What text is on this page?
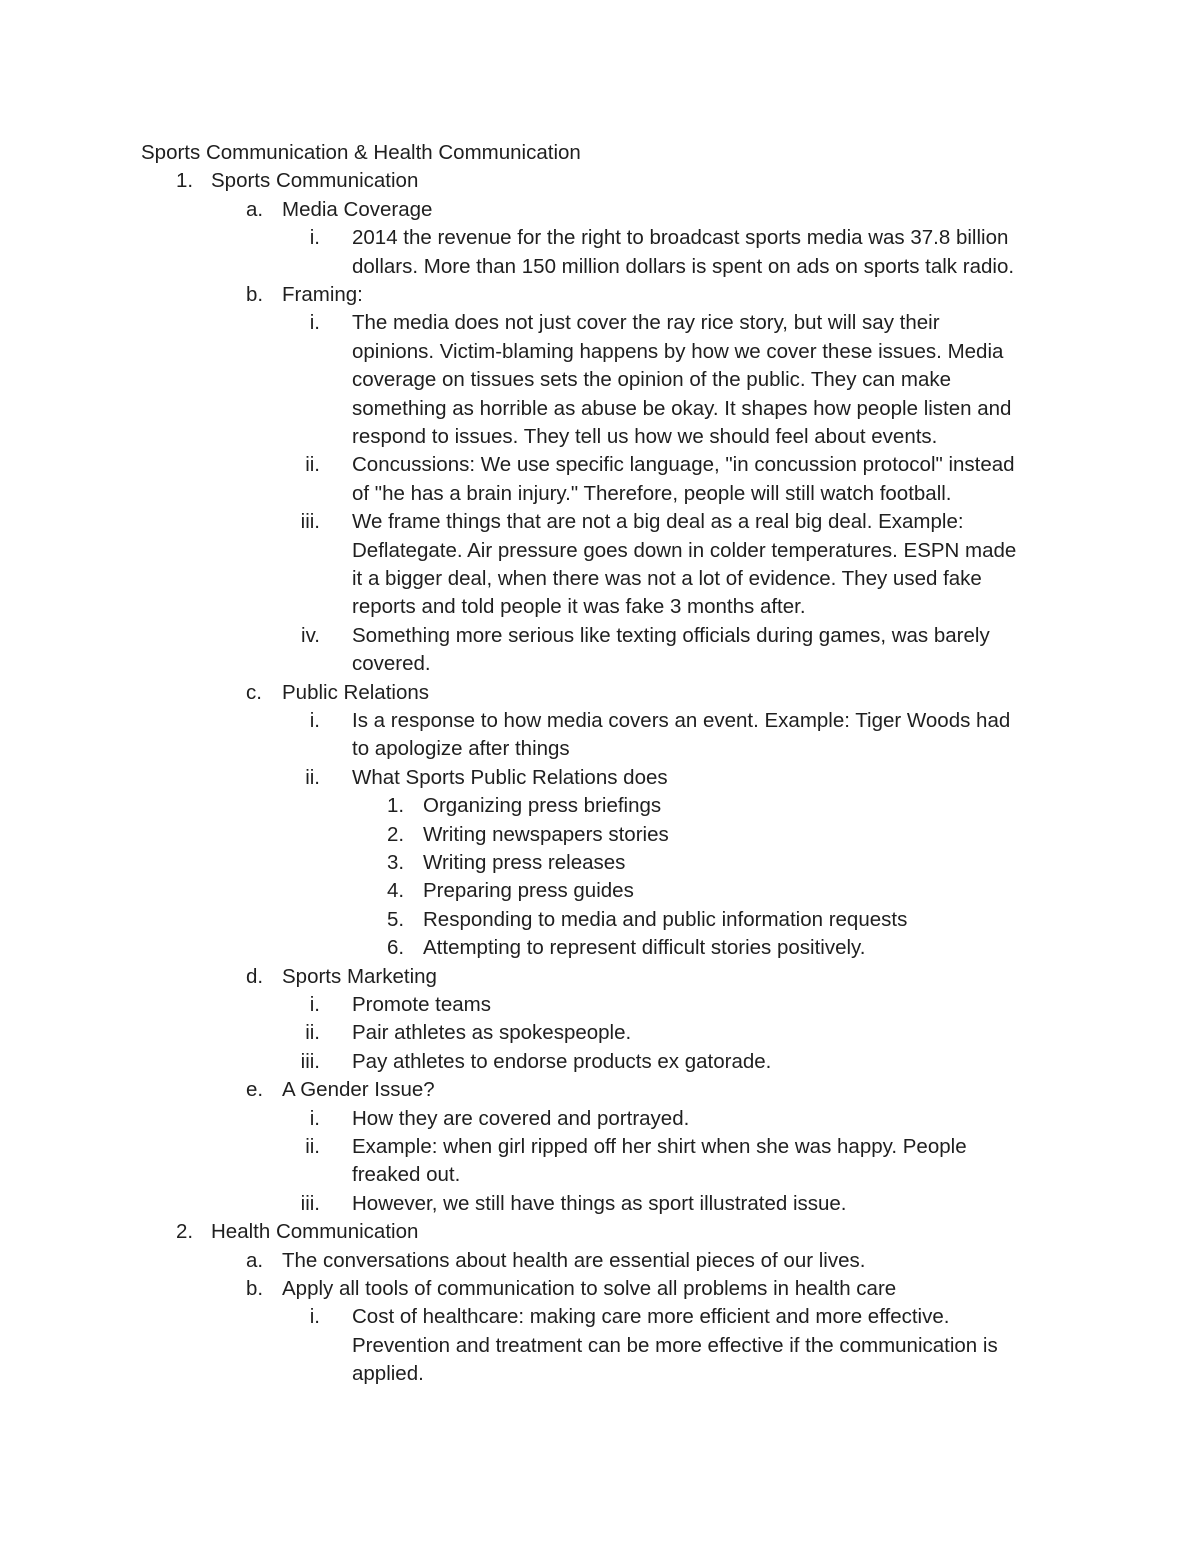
Sports Communication & Health Communication
1. Sports Communication
a. Media Coverage
i. 2014 the revenue for the right to broadcast sports media was 37.8 billion
dollars. More than 150 million dollars is spent on ads on sports talk radio.
b. Framing:
i. The media does not just cover the ray rice story, but will say their
opinions. Victim-blaming happens by how we cover these issues. Media
coverage on tissues sets the opinion of the public. They can make
something as horrible as abuse be okay. It shapes how people listen and
respond to issues. They tell us how we should feel about events.
ii. Concussions: We use specific language, "in concussion protocol" instead
of "he has a brain injury." Therefore, people will still watch football.
iii. We frame things that are not a big deal as a real big deal. Example:
Deflategate. Air pressure goes down in colder temperatures. ESPN made
it a bigger deal, when there was not a lot of evidence. They used fake
reports and told people it was fake 3 months after.
iv. Something more serious like texting officials during games, was barely
covered.
c. Public Relations
i. Is a response to how media covers an event. Example: Tiger Woods had
to apologize after things
ii. What Sports Public Relations does
1. Organizing press briefings
2. Writing newspapers stories
3. Writing press releases
4. Preparing press guides
5. Responding to media and public information requests
6. Attempting to represent difficult stories positively.
d. Sports Marketing
i. Promote teams
ii. Pair athletes as spokespeople.
iii. Pay athletes to endorse products ex gatorade.
e. A Gender Issue?
i. How they are covered and portrayed.
ii. Example: when girl ripped off her shirt when she was happy. People
freaked out.
iii. However, we still have things as sport illustrated issue.
2. Health Communication
a. The conversations about health are essential pieces of our lives.
b. Apply all tools of communication to solve all problems in health care
i. Cost of healthcare: making care more efficient and more effective.
Prevention and treatment can be more effective if the communication is
applied.
